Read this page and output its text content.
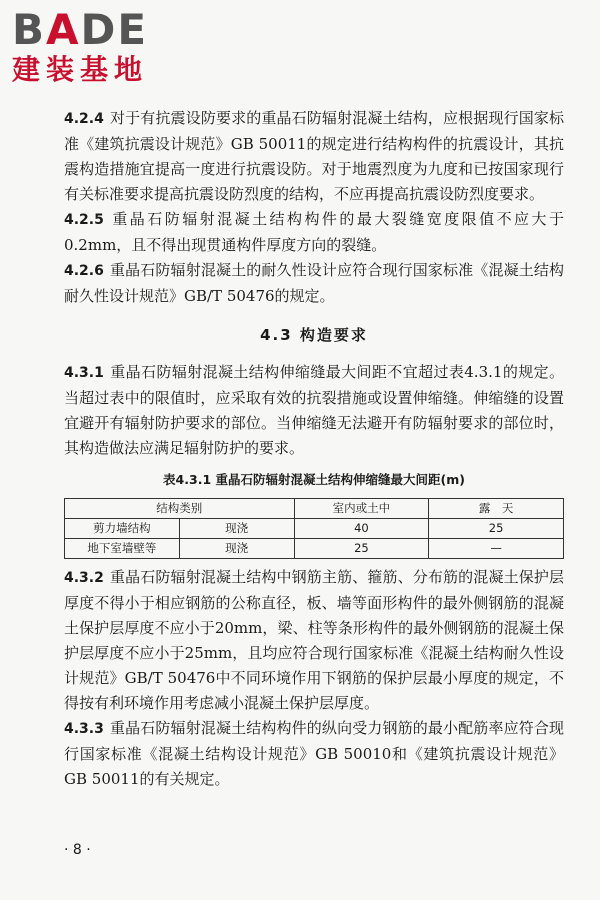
BADE
建装基地

4.2.4 对于有抗震设防要求的重晶石防辐射混凝土结构，应根据现行国家标准《建筑抗震设计规范》GB 50011的规定进行结构构件的抗震设计，其抗震构造措施宜提高一度进行抗震设防。对于地震烈度为九度和已按国家现行有关标准要求提高抗震设防烈度的结构，不应再提高抗震设防烈度要求。

4.2.5 重晶石防辐射混凝土结构构件的最大裂缝宽度限值不应大于0.2mm，且不得出现贯通构件厚度方向的裂缝。

4.2.6 重晶石防辐射混凝土的耐久性设计应符合现行国家标准《混凝土结构耐久性设计规范》GB/T 50476的规定。

4.3 构造要求

4.3.1 重晶石防辐射混凝土结构伸缩缝最大间距不宜超过表4.3.1的规定。当超过表中的限值时，应采取有效的抗裂措施或设置伸缩缝。伸缩缝的设置宜避开有辐射防护要求的部位。当伸缩缝无法避开有防辐射要求的部位时，其构造做法应满足辐射防护的要求。

表4.3.1 重晶石防辐射混凝土结构伸缩缝最大间距(m)
结构类别		室内或土中	露　天
剪力墙结构	现浇	40	25
地下室墙壁等	现浇	25	—

4.3.2 重晶石防辐射混凝土结构中钢筋主筋、箍筋、分布筋的混凝土保护层厚度不得小于相应钢筋的公称直径，板、墙等面形构件的最外侧钢筋的混凝土保护层厚度不应小于20mm，梁、柱等条形构件的最外侧钢筋的混凝土保护层厚度不应小于25mm，且均应符合现行国家标准《混凝土结构耐久性设计规范》GB/T 50476中不同环境作用下钢筋的保护层最小厚度的规定，不得按有利环境作用考虑减小混凝土保护层厚度。

4.3.3 重晶石防辐射混凝土结构构件的纵向受力钢筋的最小配筋率应符合现行国家标准《混凝土结构设计规范》GB 50010和《建筑抗震设计规范》GB 50011的有关规定。

· 8 ·
